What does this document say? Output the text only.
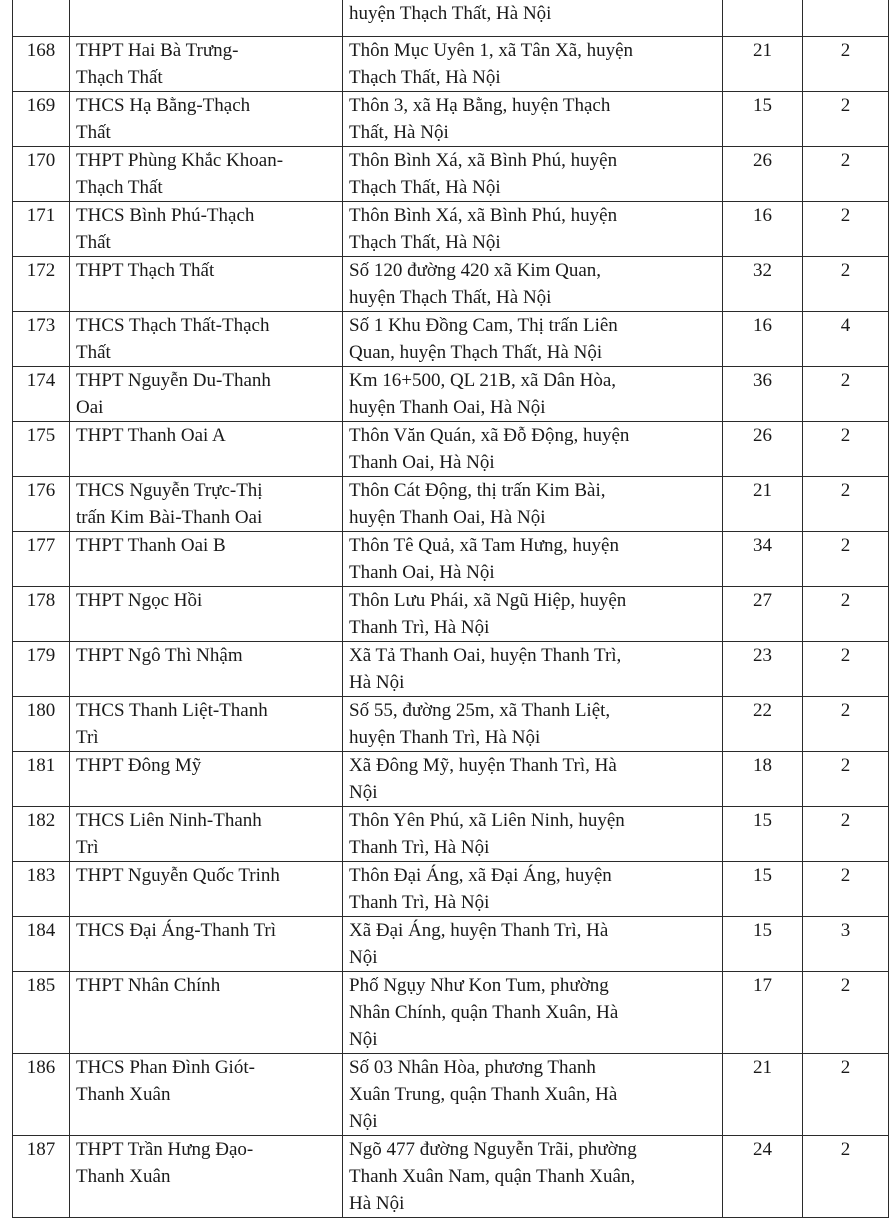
		huyện Thạch Thất, Hà Nội		
168	THPT Hai Bà Trưng-
Thạch Thất	Thôn Mục Uyên 1, xã Tân Xã, huyện
Thạch Thất, Hà Nội	21	2
169	THCS Hạ Bằng-Thạch
Thất	Thôn 3, xã Hạ Bằng, huyện Thạch
Thất, Hà Nội	15	2
170	THPT Phùng Khắc Khoan-
Thạch Thất	Thôn Bình Xá, xã Bình Phú, huyện
Thạch Thất, Hà Nội	26	2
171	THCS Bình Phú-Thạch
Thất	Thôn Bình Xá, xã Bình Phú, huyện
Thạch Thất, Hà Nội	16	2
172	THPT Thạch Thất	Số 120 đường 420 xã Kim Quan,
huyện Thạch Thất, Hà Nội	32	2
173	THCS Thạch Thất-Thạch
Thất	Số 1 Khu Đồng Cam, Thị trấn Liên
Quan, huyện Thạch Thất, Hà Nội	16	4
174	THPT Nguyễn Du-Thanh
Oai	Km 16+500, QL 21B, xã Dân Hòa,
huyện Thanh Oai, Hà Nội	36	2
175	THPT Thanh Oai A	Thôn Văn Quán, xã Đỗ Động, huyện
Thanh Oai, Hà Nội	26	2
176	THCS Nguyễn Trực-Thị
trấn Kim Bài-Thanh Oai	Thôn Cát Động, thị trấn Kim Bài,
huyện Thanh Oai, Hà Nội	21	2
177	THPT Thanh Oai B	Thôn Tê Quả, xã Tam Hưng, huyện
Thanh Oai, Hà Nội	34	2
178	THPT Ngọc Hồi	Thôn Lưu Phái, xã Ngũ Hiệp, huyện
Thanh Trì, Hà Nội	27	2
179	THPT Ngô Thì Nhậm	Xã Tả Thanh Oai, huyện Thanh Trì,
Hà Nội	23	2
180	THCS Thanh Liệt-Thanh
Trì	Số 55, đường 25m, xã Thanh Liệt,
huyện Thanh Trì, Hà Nội	22	2
181	THPT Đông Mỹ	Xã Đông Mỹ, huyện Thanh Trì, Hà
Nội	18	2
182	THCS Liên Ninh-Thanh
Trì	Thôn Yên Phú, xã Liên Ninh, huyện
Thanh Trì, Hà Nội	15	2
183	THPT Nguyễn Quốc Trinh	Thôn Đại Áng, xã Đại Áng, huyện
Thanh Trì, Hà Nội	15	2
184	THCS Đại Áng-Thanh Trì	Xã Đại Áng, huyện Thanh Trì, Hà
Nội	15	3
185	THPT Nhân Chính	Phố Ngụy Như Kon Tum, phường
Nhân Chính, quận Thanh Xuân, Hà
Nội	17	2
186	THCS Phan Đình Giót-
Thanh Xuân	Số 03 Nhân Hòa, phương Thanh
Xuân Trung, quận Thanh Xuân, Hà
Nội	21	2
187	THPT Trần Hưng Đạo-
Thanh Xuân	Ngõ 477 đường Nguyễn Trãi, phường
Thanh Xuân Nam, quận Thanh Xuân,
Hà Nội	24	2
